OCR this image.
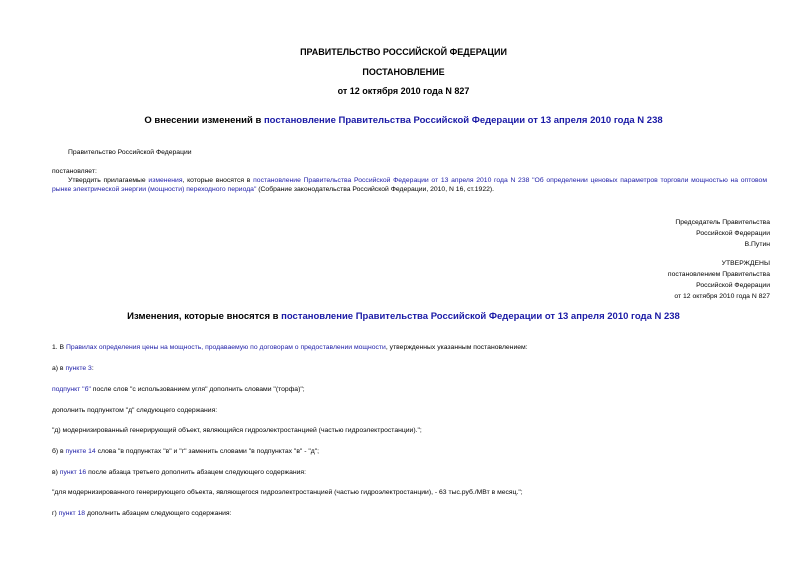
ПРАВИТЕЛЬСТВО РОССИЙСКОЙ ФЕДЕРАЦИИ
ПОСТАНОВЛЕНИЕ
от 12 октября 2010 года N 827
О внесении изменений в постановление Правительства Российской Федерации от 13 апреля 2010 года N 238
Правительство Российской Федерации
постановляет:
Утвердить прилагаемые изменения, которые вносятся в постановление Правительства Российской Федерации от 13 апреля 2010 года N 238 "Об определении ценовых параметров торговли мощностью на оптовом рынке электрической энергии (мощности) переходного периода" (Собрание законодательства Российской Федерации, 2010, N 16, ст.1922).
Председатель Правительства
Российской Федерации
В.Путин
УТВЕРЖДЕНЫ
постановлением Правительства
Российской Федерации
от 12 октября 2010 года N 827
Изменения, которые вносятся в постановление Правительства Российской Федерации от 13 апреля 2010 года N 238
1. В Правилах определения цены на мощность, продаваемую по договорам о предоставлении мощности, утвержденных указанным постановлением:
а) в пункте 3:
подпункт "б" после слов "с использованием угля" дополнить словами "(торфа)";
дополнить подпунктом "д" следующего содержания:
"д) модернизированный генерирующий объект, являющийся гидроэлектростанцией (частью гидроэлектростанции).";
б) в пункте 14 слова "в подпунктах "в" и "г" заменить словами "в подпунктах "в" - "д";
в) пункт 16 после абзаца третьего дополнить абзацем следующего содержания:
"для модернизированного генерирующего объекта, являющегося гидроэлектростанцией (частью гидроэлектростанции), - 63 тыс.руб./МВт в месяц.";
г) пункт 18 дополнить абзацем следующего содержания:
